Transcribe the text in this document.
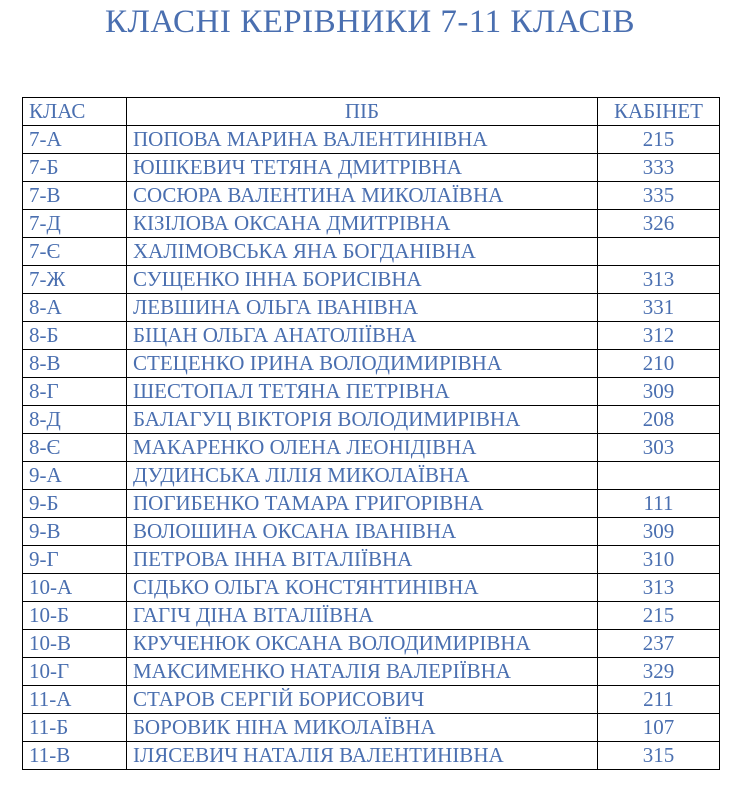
КЛАСНІ КЕРІВНИКИ 7-11 КЛАСІВ
КЛАС	ПІБ	КАБІНЕТ
7-А	ПОПОВА МАРИНА ВАЛЕНТИНІВНА	215
7-Б	ЮШКЕВИЧ ТЕТЯНА ДМИТРІВНА	333
7-В	СОСЮРА ВАЛЕНТИНА МИКОЛАЇВНА	335
7-Д	КІЗІЛОВА ОКСАНА ДМИТРІВНА	326
7-Є	ХАЛІМОВСЬКА ЯНА БОГДАНІВНА	
7-Ж	СУЩЕНКО ІННА БОРИСІВНА	313
8-А	ЛЕВШИНА ОЛЬГА ІВАНІВНА	331
8-Б	БІЦАН ОЛЬГА АНАТОЛІЇВНА	312
8-В	СТЕЦЕНКО ІРИНА ВОЛОДИМИРІВНА	210
8-Г	ШЕСТОПАЛ ТЕТЯНА ПЕТРІВНА	309
8-Д	БАЛАГУЦ ВІКТОРІЯ ВОЛОДИМИРІВНА	208
8-Є	МАКАРЕНКО ОЛЕНА ЛЕОНІДІВНА	303
9-А	ДУДИНСЬКА ЛІЛІЯ МИКОЛАЇВНА	
9-Б	ПОГИБЕНКО ТАМАРА ГРИГОРІВНА	111
9-В	ВОЛОШИНА ОКСАНА ІВАНІВНА	309
9-Г	ПЕТРОВА ІННА ВІТАЛІЇВНА	310
10-А	СІДЬКО ОЛЬГА КОНСТЯНТИНІВНА	313
10-Б	ГАГІЧ ДІНА ВІТАЛІЇВНА	215
10-В	КРУЧЕНЮК ОКСАНА ВОЛОДИМИРІВНА	237
10-Г	МАКСИМЕНКО НАТАЛІЯ ВАЛЕРІЇВНА	329
11-А	СТАРОВ СЕРГІЙ БОРИСОВИЧ	211
11-Б	БОРОВИК НІНА МИКОЛАЇВНА	107
11-В	ІЛЯСЕВИЧ НАТАЛІЯ ВАЛЕНТИНІВНА	315
